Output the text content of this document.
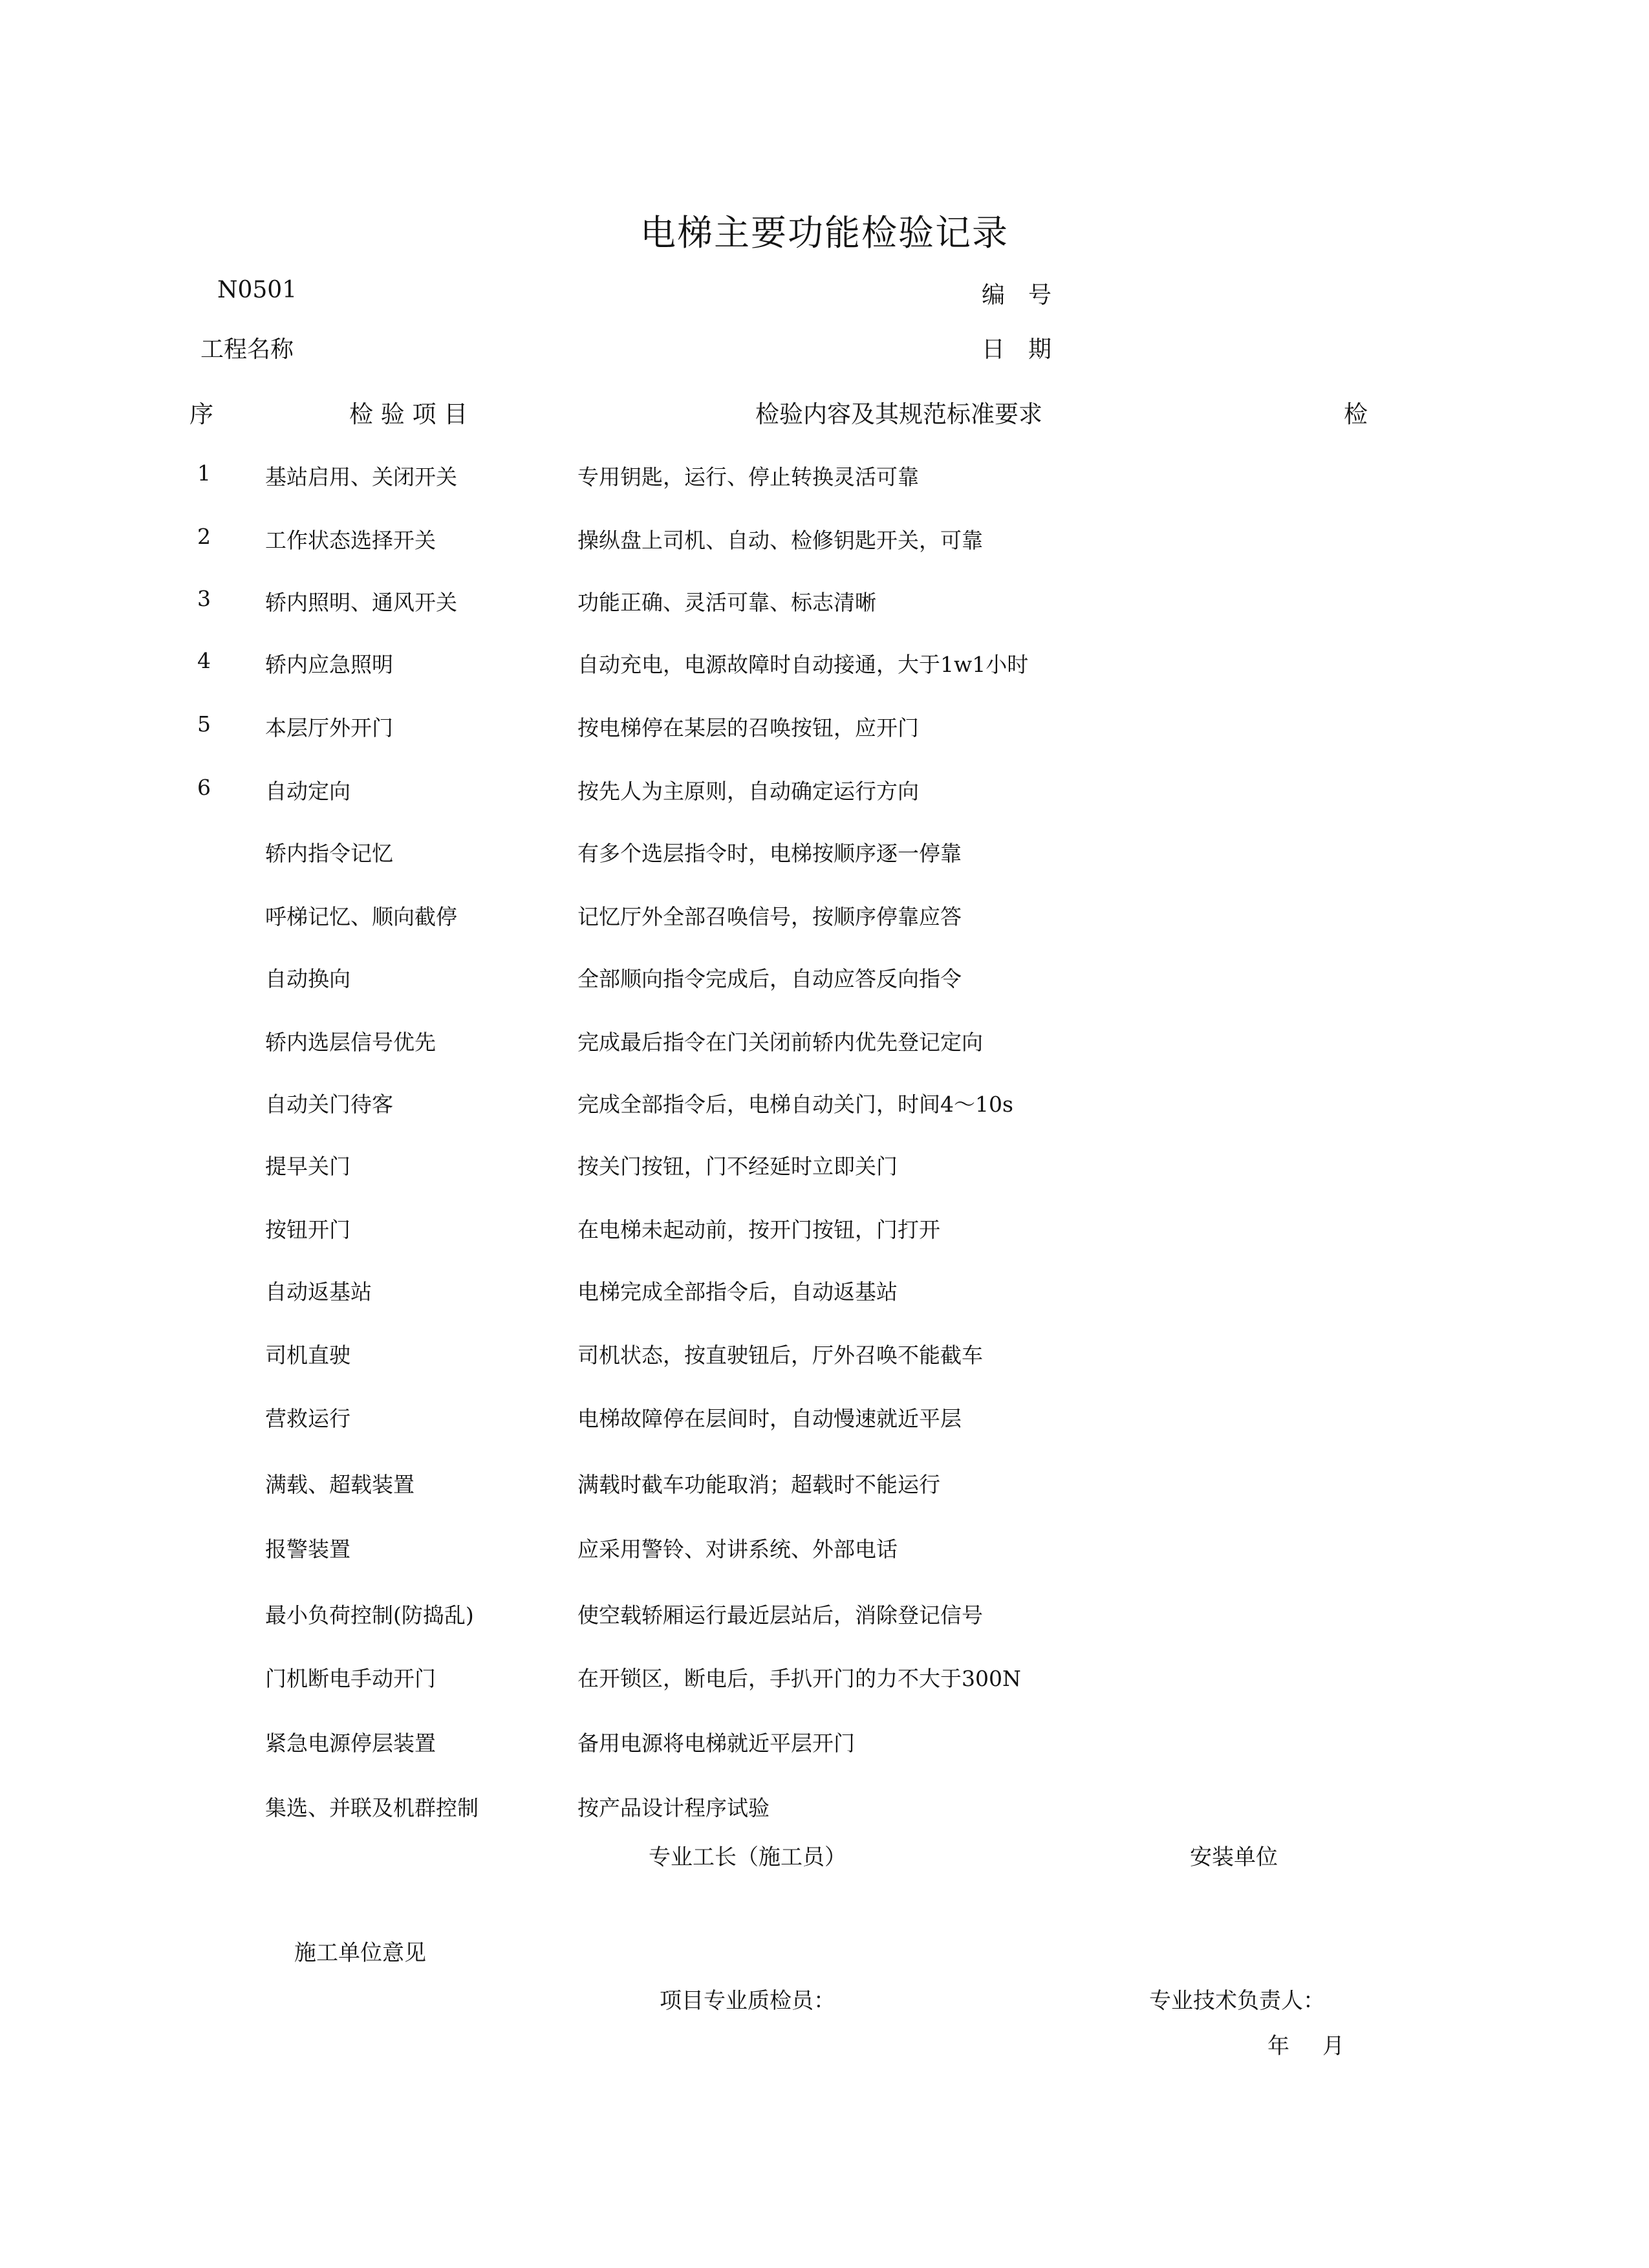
电梯主要功能检验记录
N0501	编　号
工程名称	日　期
序	检 验 项 目	检验内容及其规范标准要求	检
1	基站启用、关闭开关	专用钥匙，运行、停止转换灵活可靠
2	工作状态选择开关	操纵盘上司机、自动、检修钥匙开关，可靠
3	轿内照明、通风开关	功能正确、灵活可靠、标志清晰
4	轿内应急照明	自动充电，电源故障时自动接通，大于1w1小时
5	本层厅外开门	按电梯停在某层的召唤按钮，应开门
6	自动定向	按先人为主原则，自动确定运行方向
轿内指令记忆	有多个选层指令时，电梯按顺序逐一停靠
呼梯记忆、顺向截停	记忆厅外全部召唤信号，按顺序停靠应答
自动换向	全部顺向指令完成后，自动应答反向指令
轿内选层信号优先	完成最后指令在门关闭前轿内优先登记定向
自动关门待客	完成全部指令后，电梯自动关门，时间4～10s
提早关门	按关门按钮，门不经延时立即关门
按钮开门	在电梯未起动前，按开门按钮，门打开
自动返基站	电梯完成全部指令后，自动返基站
司机直驶	司机状态，按直驶钮后，厅外召唤不能截车
营救运行	电梯故障停在层间时，自动慢速就近平层
满载、超载装置	满载时截车功能取消；超载时不能运行
报警装置	应采用警铃、对讲系统、外部电话
最小负荷控制(防捣乱)	使空载轿厢运行最近层站后，消除登记信号
门机断电手动开门	在开锁区，断电后，手扒开门的力不大于300N
紧急电源停层装置	备用电源将电梯就近平层开门
集选、并联及机群控制	按产品设计程序试验
专业工长（施工员）	安装单位
施工单位意见
项目专业质检员：	专业技术负责人：
年 月
